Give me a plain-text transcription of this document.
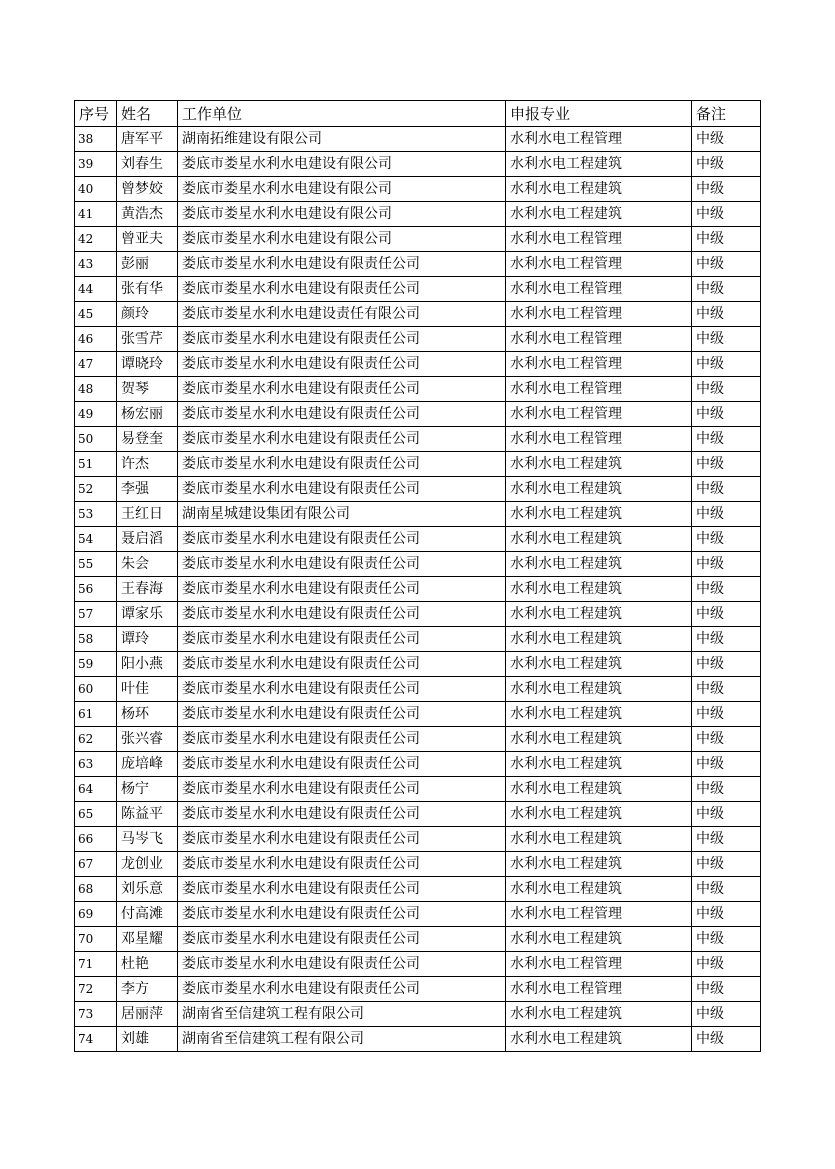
序号	姓名	工作单位	申报专业	备注
38	唐军平	湖南拓维建设有限公司	水利水电工程管理	中级
39	刘春生	娄底市娄星水利水电建设有限公司	水利水电工程建筑	中级
40	曾梦姣	娄底市娄星水利水电建设有限公司	水利水电工程建筑	中级
41	黄浩杰	娄底市娄星水利水电建设有限公司	水利水电工程建筑	中级
42	曾亚夫	娄底市娄星水利水电建设有限公司	水利水电工程管理	中级
43	彭丽	娄底市娄星水利水电建设有限责任公司	水利水电工程管理	中级
44	张有华	娄底市娄星水利水电建设有限责任公司	水利水电工程管理	中级
45	颜玲	娄底市娄星水利水电建设责任有限公司	水利水电工程管理	中级
46	张雪芹	娄底市娄星水利水电建设有限责任公司	水利水电工程管理	中级
47	谭晓玲	娄底市娄星水利水电建设有限责任公司	水利水电工程管理	中级
48	贺琴	娄底市娄星水利水电建设有限责任公司	水利水电工程管理	中级
49	杨宏丽	娄底市娄星水利水电建设有限责任公司	水利水电工程管理	中级
50	易登奎	娄底市娄星水利水电建设有限责任公司	水利水电工程管理	中级
51	许杰	娄底市娄星水利水电建设有限责任公司	水利水电工程建筑	中级
52	李强	娄底市娄星水利水电建设有限责任公司	水利水电工程建筑	中级
53	王红日	湖南星城建设集团有限公司	水利水电工程建筑	中级
54	聂启滔	娄底市娄星水利水电建设有限责任公司	水利水电工程建筑	中级
55	朱会	娄底市娄星水利水电建设有限责任公司	水利水电工程建筑	中级
56	王春海	娄底市娄星水利水电建设有限责任公司	水利水电工程建筑	中级
57	谭家乐	娄底市娄星水利水电建设有限责任公司	水利水电工程建筑	中级
58	谭玲	娄底市娄星水利水电建设有限责任公司	水利水电工程建筑	中级
59	阳小燕	娄底市娄星水利水电建设有限责任公司	水利水电工程建筑	中级
60	叶佳	娄底市娄星水利水电建设有限责任公司	水利水电工程建筑	中级
61	杨环	娄底市娄星水利水电建设有限责任公司	水利水电工程建筑	中级
62	张兴睿	娄底市娄星水利水电建设有限责任公司	水利水电工程建筑	中级
63	庞培峰	娄底市娄星水利水电建设有限责任公司	水利水电工程建筑	中级
64	杨宁	娄底市娄星水利水电建设有限责任公司	水利水电工程建筑	中级
65	陈益平	娄底市娄星水利水电建设有限责任公司	水利水电工程建筑	中级
66	马岑飞	娄底市娄星水利水电建设有限责任公司	水利水电工程建筑	中级
67	龙创业	娄底市娄星水利水电建设有限责任公司	水利水电工程建筑	中级
68	刘乐意	娄底市娄星水利水电建设有限责任公司	水利水电工程建筑	中级
69	付高滩	娄底市娄星水利水电建设有限责任公司	水利水电工程管理	中级
70	邓星耀	娄底市娄星水利水电建设有限责任公司	水利水电工程建筑	中级
71	杜艳	娄底市娄星水利水电建设有限责任公司	水利水电工程管理	中级
72	李方	娄底市娄星水利水电建设有限责任公司	水利水电工程管理	中级
73	居丽萍	湖南省至信建筑工程有限公司	水利水电工程建筑	中级
74	刘雄	湖南省至信建筑工程有限公司	水利水电工程建筑	中级
